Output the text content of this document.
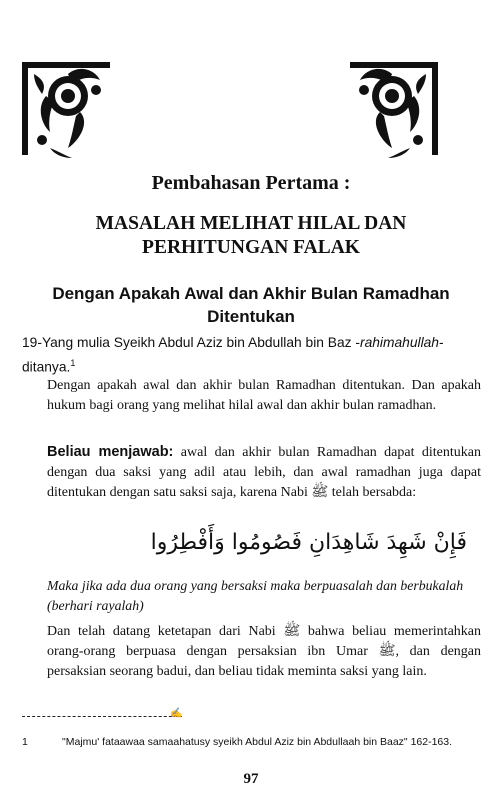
Pembahasan Pertama :
MASALAH MELIHAT HILAL DAN
PERHITUNGAN FALAK
Dengan Apakah Awal dan Akhir Bulan Ramadhan
Ditentukan
19-Yang mulia Syeikh Abdul Aziz bin Abdullah bin Baz -rahimahullah- ditanya.$^1$
Dengan apakah awal dan akhir bulan Ramadhan ditentukan. Dan apakah hukum bagi orang yang melihat hilal awal dan akhir bulan ramadhan.
Beliau menjawab: awal dan akhir bulan Ramadhan dapat ditentukan dengan dua saksi yang adil atau lebih, dan awal ramadhan juga dapat ditentukan dengan satu saksi saja, karena Nabi ﷺ telah bersabda:
فَإِنْ شَهِدَ شَاهِدَانِ فَصُومُوا وَأَفْطِرُوا
Maka jika ada dua orang yang bersaksi maka berpuasalah dan berbukalah (berhari rayalah)
Dan telah datang ketetapan dari Nabi ﷺ bahwa beliau memerintahkan orang-orang berpuasa dengan persaksian ibn Umar ﷺ, dan dengan persaksian seorang badui, dan beliau tidak meminta saksi yang lain.
✍
1	"Majmu' fataawaa samaahatusy syeikh Abdul Aziz bin Abdullaah bin Baaz" 162-163.
97
